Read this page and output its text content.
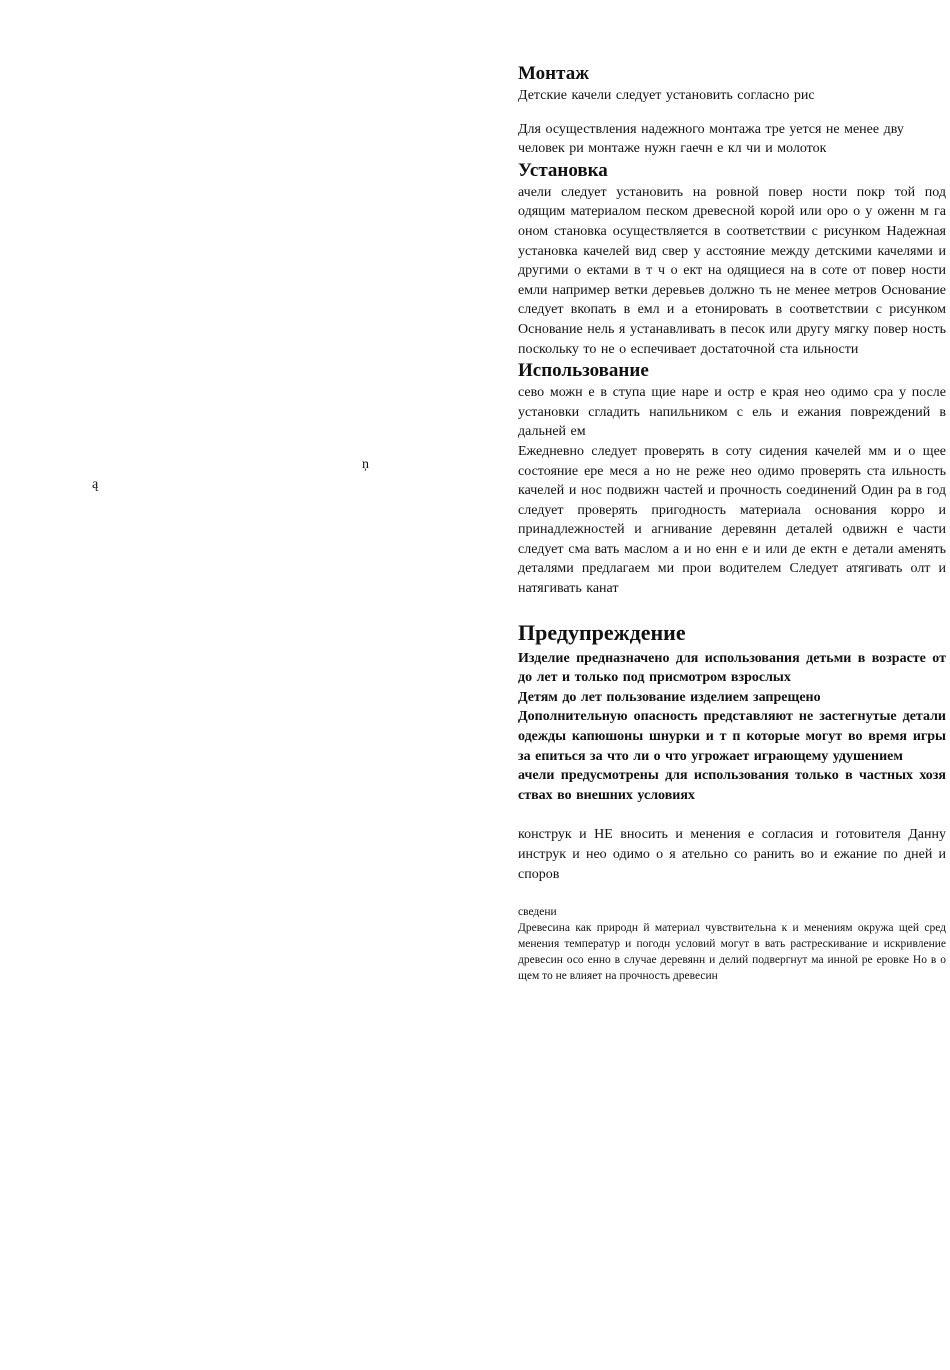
ņ
ą
Монтаж

Детские качели следует установить согласно рис

Для осуществления надежного монтажа тре уется не менее дву человек ри монтаже нужн гаечн е кл чи и молоток

Установка

ачели следует установить на ровной повер ности покр той под одящим материалом песком древесной корой или оро о у оженн м га оном становка осуществляется в соответствии с рисунком Надежная установка качелей вид свер у асстояние между детскими качелями и другими о ектами в т ч о ект на одящиеся на в соте от повер ности емли например ветки деревьев должно ть не менее метров Основание следует вкопать в емл и а етонировать в соответствии с рисунком Основание нель я устанавливать в песок или другу мягку повер ность поскольку то не о еспечивает достаточной ста ильности

Использование

сево можн е в ступа щие наре и остр е края нео одимо сра у после установки сгладить напильником с ель и ежания повреждений в дальней ем

Ежедневно следует проверять в соту сидения качелей мм и о щее состояние ере меся а но не реже нео одимо проверять ста ильность качелей и нос подвижн частей и прочность соединений Один ра в год следует проверять пригодность материала основания корро и принадлежностей и агнивание деревянн деталей одвижн е части следует сма вать маслом а и но енн е и или де ектн е детали аменять деталями предлагаем ми прои водителем Следует атягивать олт и натягивать канат

Предупреждение

Изделие предназначено для использования детьми в возрасте от до лет и только под присмотром взрослых

Детям до лет пользование изделием запрещено

Дополнительную опасность представляют не застегнутые детали одежды капюшоны шнурки и т п которые могут во время игры за епиться за что ли о что угрожает играющему удушением

ачели предусмотрены для использования только в частных хозя ствах во внешних условиях

конструк и НЕ вносить и менения е согласия и готовителя Данну инструк и нео одимо о я ательно со ранить во и ежание по дней и споров

сведени

Древесина как природн й материал чувствительна к и менениям окружа щей сред менения температур и погодн условий могут в вать растрескивание и искривление древесин осо енно в случае деревянн и делий подвергнут ма инной ре еровке Но в о щем то не влияет на прочность древесин
